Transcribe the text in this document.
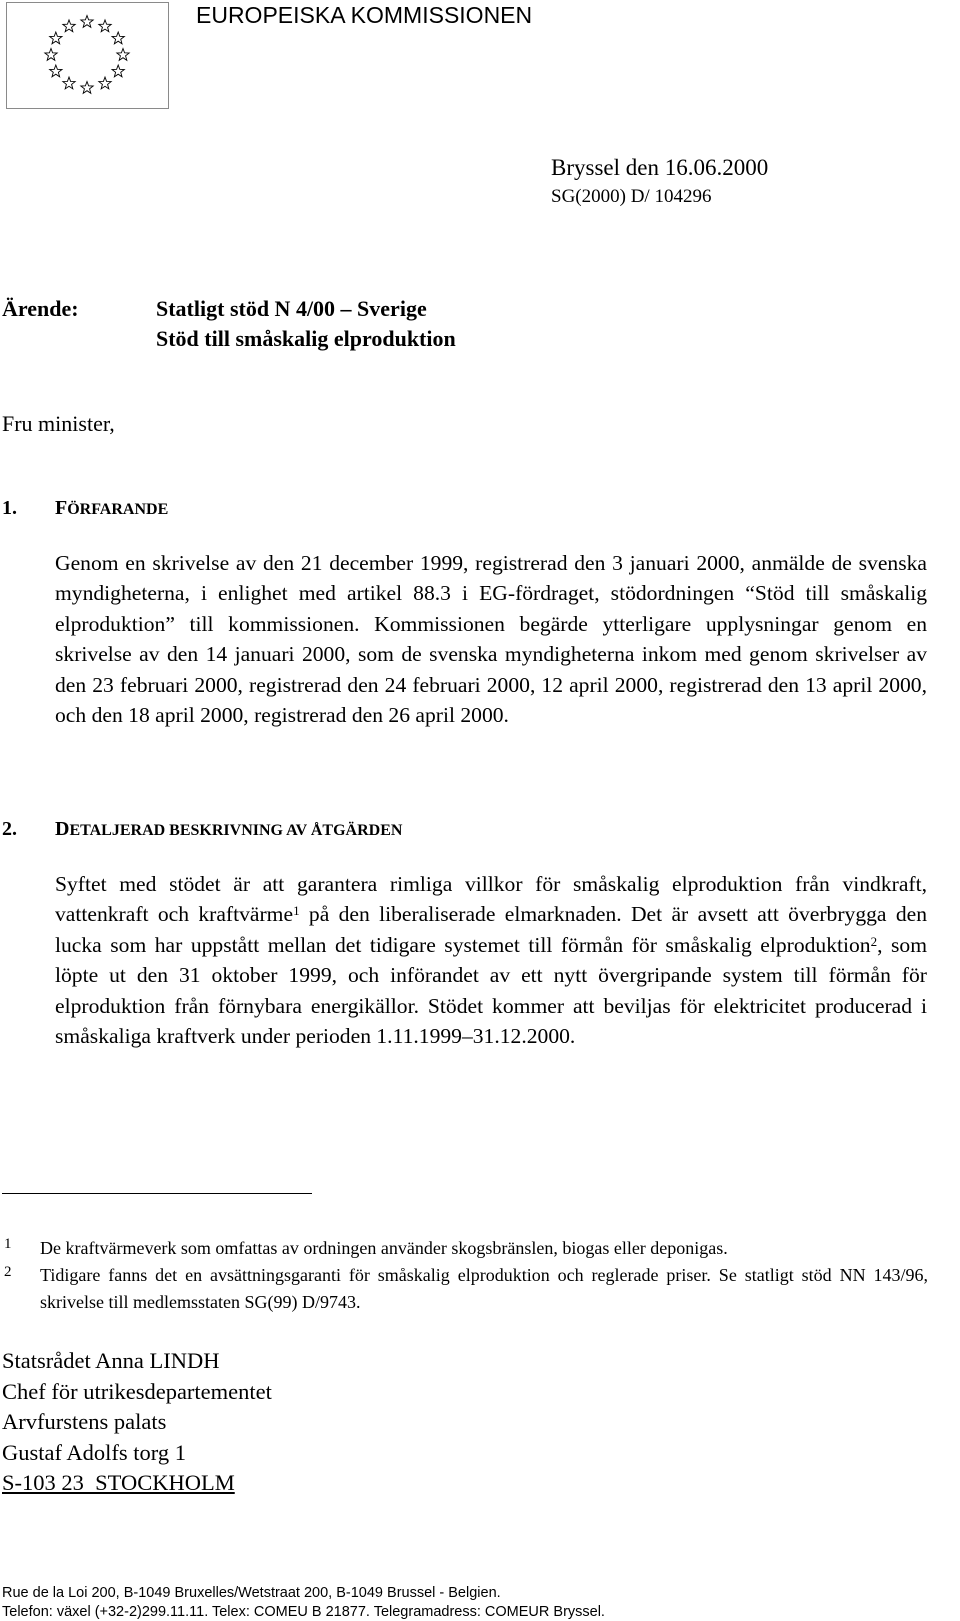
EUROPEISKA KOMMISSIONEN
Bryssel den 16.06.2000
SG(2000) D/ 104296
Ärende:	Statligt stöd N 4/00 – Sverige
Stöd till småskalig elproduktion
Fru minister,
1. FÖRFARANDE
Genom en skrivelse av den 21 december 1999, registrerad den 3 januari 2000, anmälde de svenska myndigheterna, i enlighet med artikel 88.3 i EG-fördraget, stödordningen “Stöd till småskalig elproduktion” till kommissionen. Kommissionen begärde ytterligare upplysningar genom en skrivelse av den 14 januari 2000, som de svenska myndigheterna inkom med genom skrivelser av den 23 februari 2000, registrerad den 24 februari 2000, 12 april 2000, registrerad den 13 april 2000, och den 18 april 2000, registrerad den 26 april 2000.
2. DETALJERAD BESKRIVNING AV ÅTGÄRDEN
Syftet med stödet är att garantera rimliga villkor för småskalig elproduktion från vindkraft, vattenkraft och kraftvärme$^1$ på den liberaliserade elmarknaden. Det är avsett att överbrygga den lucka som har uppstått mellan det tidigare systemet till förmån för småskalig elproduktion$^2$, som löpte ut den 31 oktober 1999, och införandet av ett nytt övergripande system till förmån för elproduktion från förnybara energikällor. Stödet kommer att beviljas för elektricitet producerad i småskaliga kraftverk under perioden 1.11.1999–31.12.2000.
1 De kraftvärmeverk som omfattas av ordningen använder skogsbränslen, biogas eller deponigas.
2 Tidigare fanns det en avsättningsgaranti för småskalig elproduktion och reglerade priser. Se statligt stöd NN 143/96, skrivelse till medlemsstaten SG(99) D/9743.
Statsrådet Anna LINDH
Chef för utrikesdepartementet
Arvfurstens palats
Gustaf Adolfs torg 1
S-103 23  STOCKHOLM
Rue de la Loi 200, B-1049 Bruxelles/Wetstraat 200, B-1049 Brussel - Belgien.
Telefon: växel (+32-2)299.11.11. Telex: COMEU B 21877. Telegramadress: COMEUR Bryssel.
